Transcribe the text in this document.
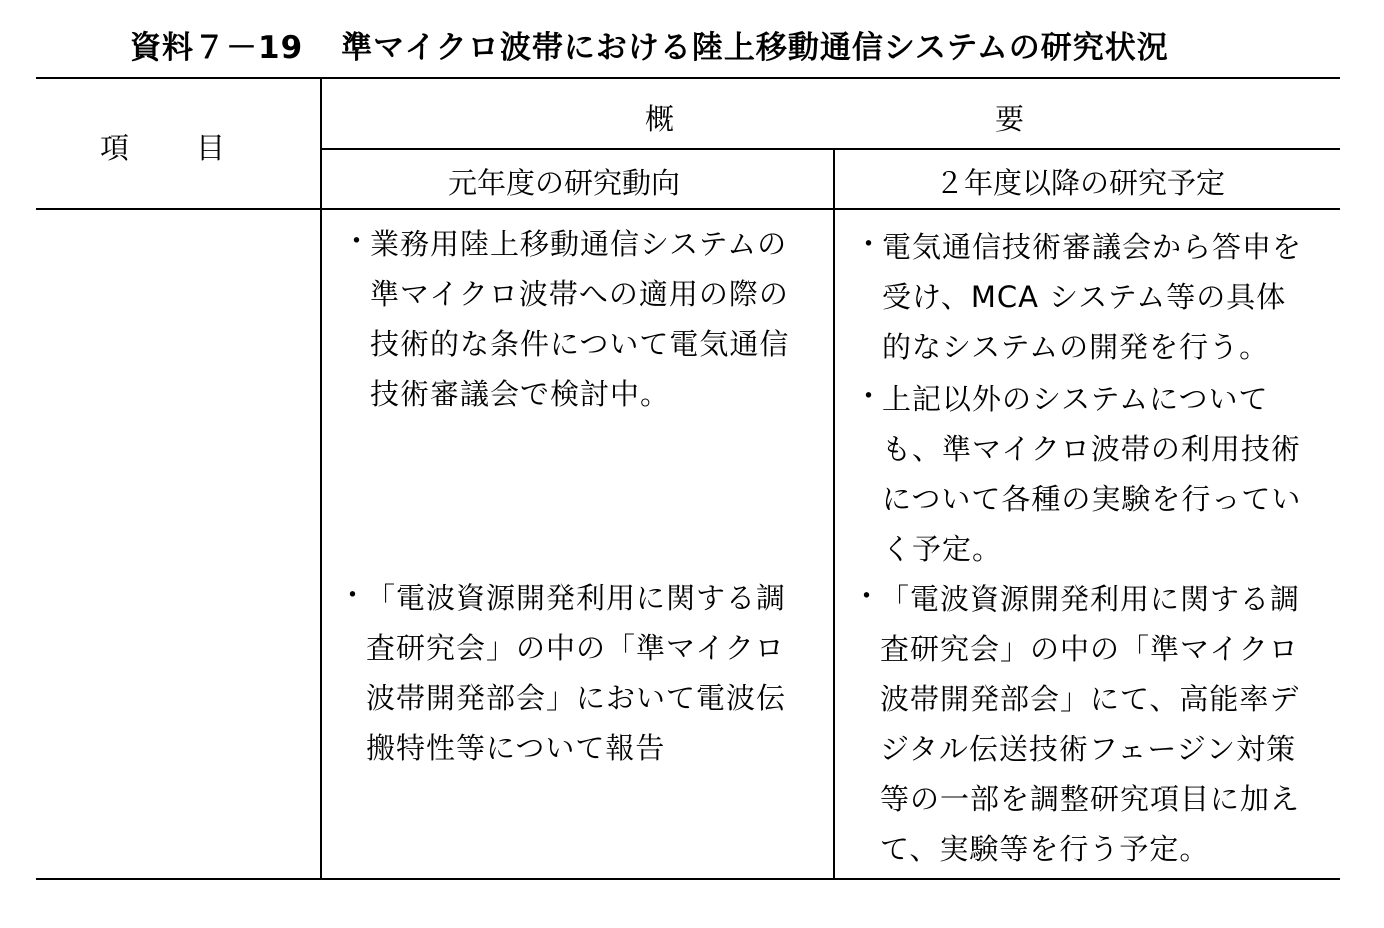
資料７－19 準マイクロ波帯における陸上移動通信システムの研究状況
項　　目
概	要
元年度の研究動向	２年度以降の研究予定
・
業務用陸上移動通信システムの
準マイクロ波帯への適用の際の
技術的な条件について電気通信
技術審議会で検討中。
・
「電波資源開発利用に関する調
査研究会」の中の「準マイクロ
波帯開発部会」において電波伝
搬特性等について報告
・
電気通信技術審議会から答申を
受け、MCA システム等の具体
的なシステムの開発を行う。
・
上記以外のシステムについて
も、準マイクロ波帯の利用技術
について各種の実験を行ってい
く予定。
・
「電波資源開発利用に関する調
査研究会」の中の「準マイクロ
波帯開発部会」にて、高能率デ
ジタル伝送技術フェージン対策
等の一部を調整研究項目に加え
て、実験等を行う予定。
